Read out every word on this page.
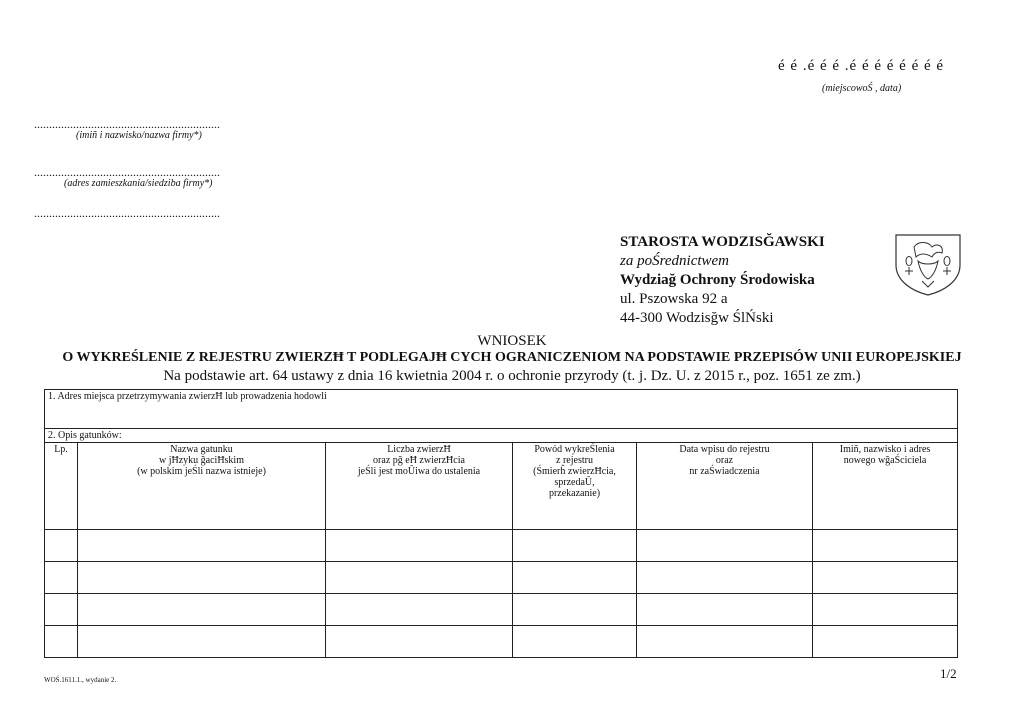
é é .é é é .é é é é é é é é
(miejscowoŚ , data)
..............................................................
(imiñ i nazwisko/nazwa firmy*)
..............................................................
(adres zamieszkania/siedziba firmy*)
..............................................................
STAROSTA WODZISĞAWSKI
za poŚrednictwem
Wydziağ Ochrony Środowiska
ul. Pszowska 92 a
44-300 Wodzisğw ŚlŃski
WNIOSEK
O WYKREŚLENIE Z REJESTRU ZWIERZĦ T PODLEGAJĦ CYCH OGRANICZENIOM NA PODSTAWIE PRZEPISÓW UNII EUROPEJSKIEJ
Na podstawie art. 64 ustawy z dnia 16 kwietnia 2004 r. o ochronie przyrody (t. j. Dz. U. z 2015 r., poz. 1651 ze zm.)
1. Adres miejsca przetrzymywania zwierzĦ lub prowadzenia hodowli					
2. Opis gatunków:					
Lp.	Nazwa gatunku
w jĦzyku ğaciĦskim
(w polskim jeŚli nazwa istnieje)	Liczba zwierzĦ
oraz pğ eĦ zwierzĦcia
jeŚli jest moŬiwa do ustalenia	Powód wykreŚlenia
z rejestru
(Śmierĥ zwierzĦcia, sprzedaŬ,
przekazanie)	Data wpisu do rejestru
oraz
nr zaŚwiadczenia	Imiñ, nazwisko i adres
nowego wğaŚciciela

WOŚ.1611.1., wydanie 2.	1/2
